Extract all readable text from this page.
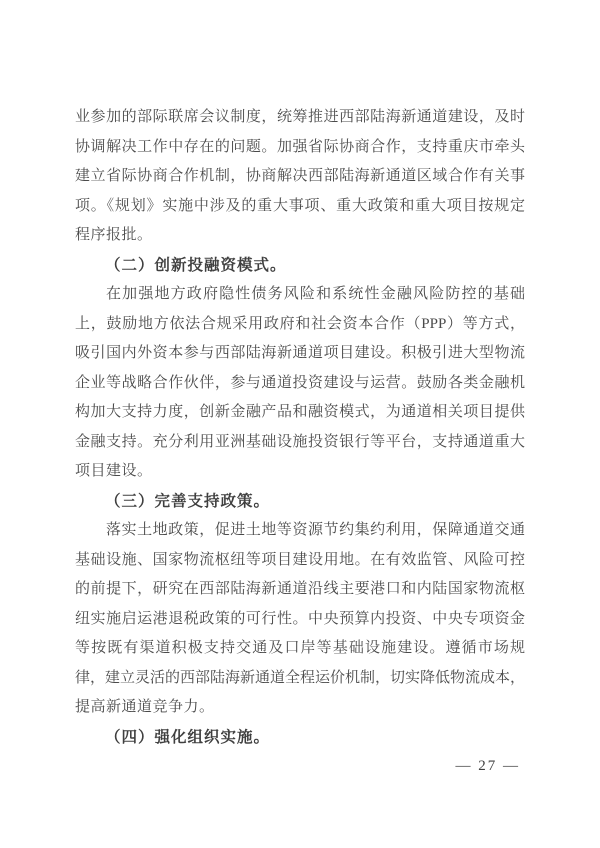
业参加的部际联席会议制度，统筹推进西部陆海新通道建设，及时
协调解决工作中存在的问题。加强省际协商合作，支持重庆市牵头
建立省际协商合作机制，协商解决西部陆海新通道区域合作有关事
项。《规划》实施中涉及的重大事项、重大政策和重大项目按规定
程序报批。
（二）创新投融资模式。
在加强地方政府隐性债务风险和系统性金融风险防控的基础
上，鼓励地方依法合规采用政府和社会资本合作（PPP）等方式，
吸引国内外资本参与西部陆海新通道项目建设。积极引进大型物流
企业等战略合作伙伴，参与通道投资建设与运营。鼓励各类金融机
构加大支持力度，创新金融产品和融资模式，为通道相关项目提供
金融支持。充分利用亚洲基础设施投资银行等平台，支持通道重大
项目建设。
（三）完善支持政策。
落实土地政策，促进土地等资源节约集约利用，保障通道交通
基础设施、国家物流枢纽等项目建设用地。在有效监管、风险可控
的前提下，研究在西部陆海新通道沿线主要港口和内陆国家物流枢
纽实施启运港退税政策的可行性。中央预算内投资、中央专项资金
等按既有渠道积极支持交通及口岸等基础设施建设。遵循市场规
律，建立灵活的西部陆海新通道全程运价机制，切实降低物流成本，
提高新通道竞争力。
（四）强化组织实施。
— 27 —
